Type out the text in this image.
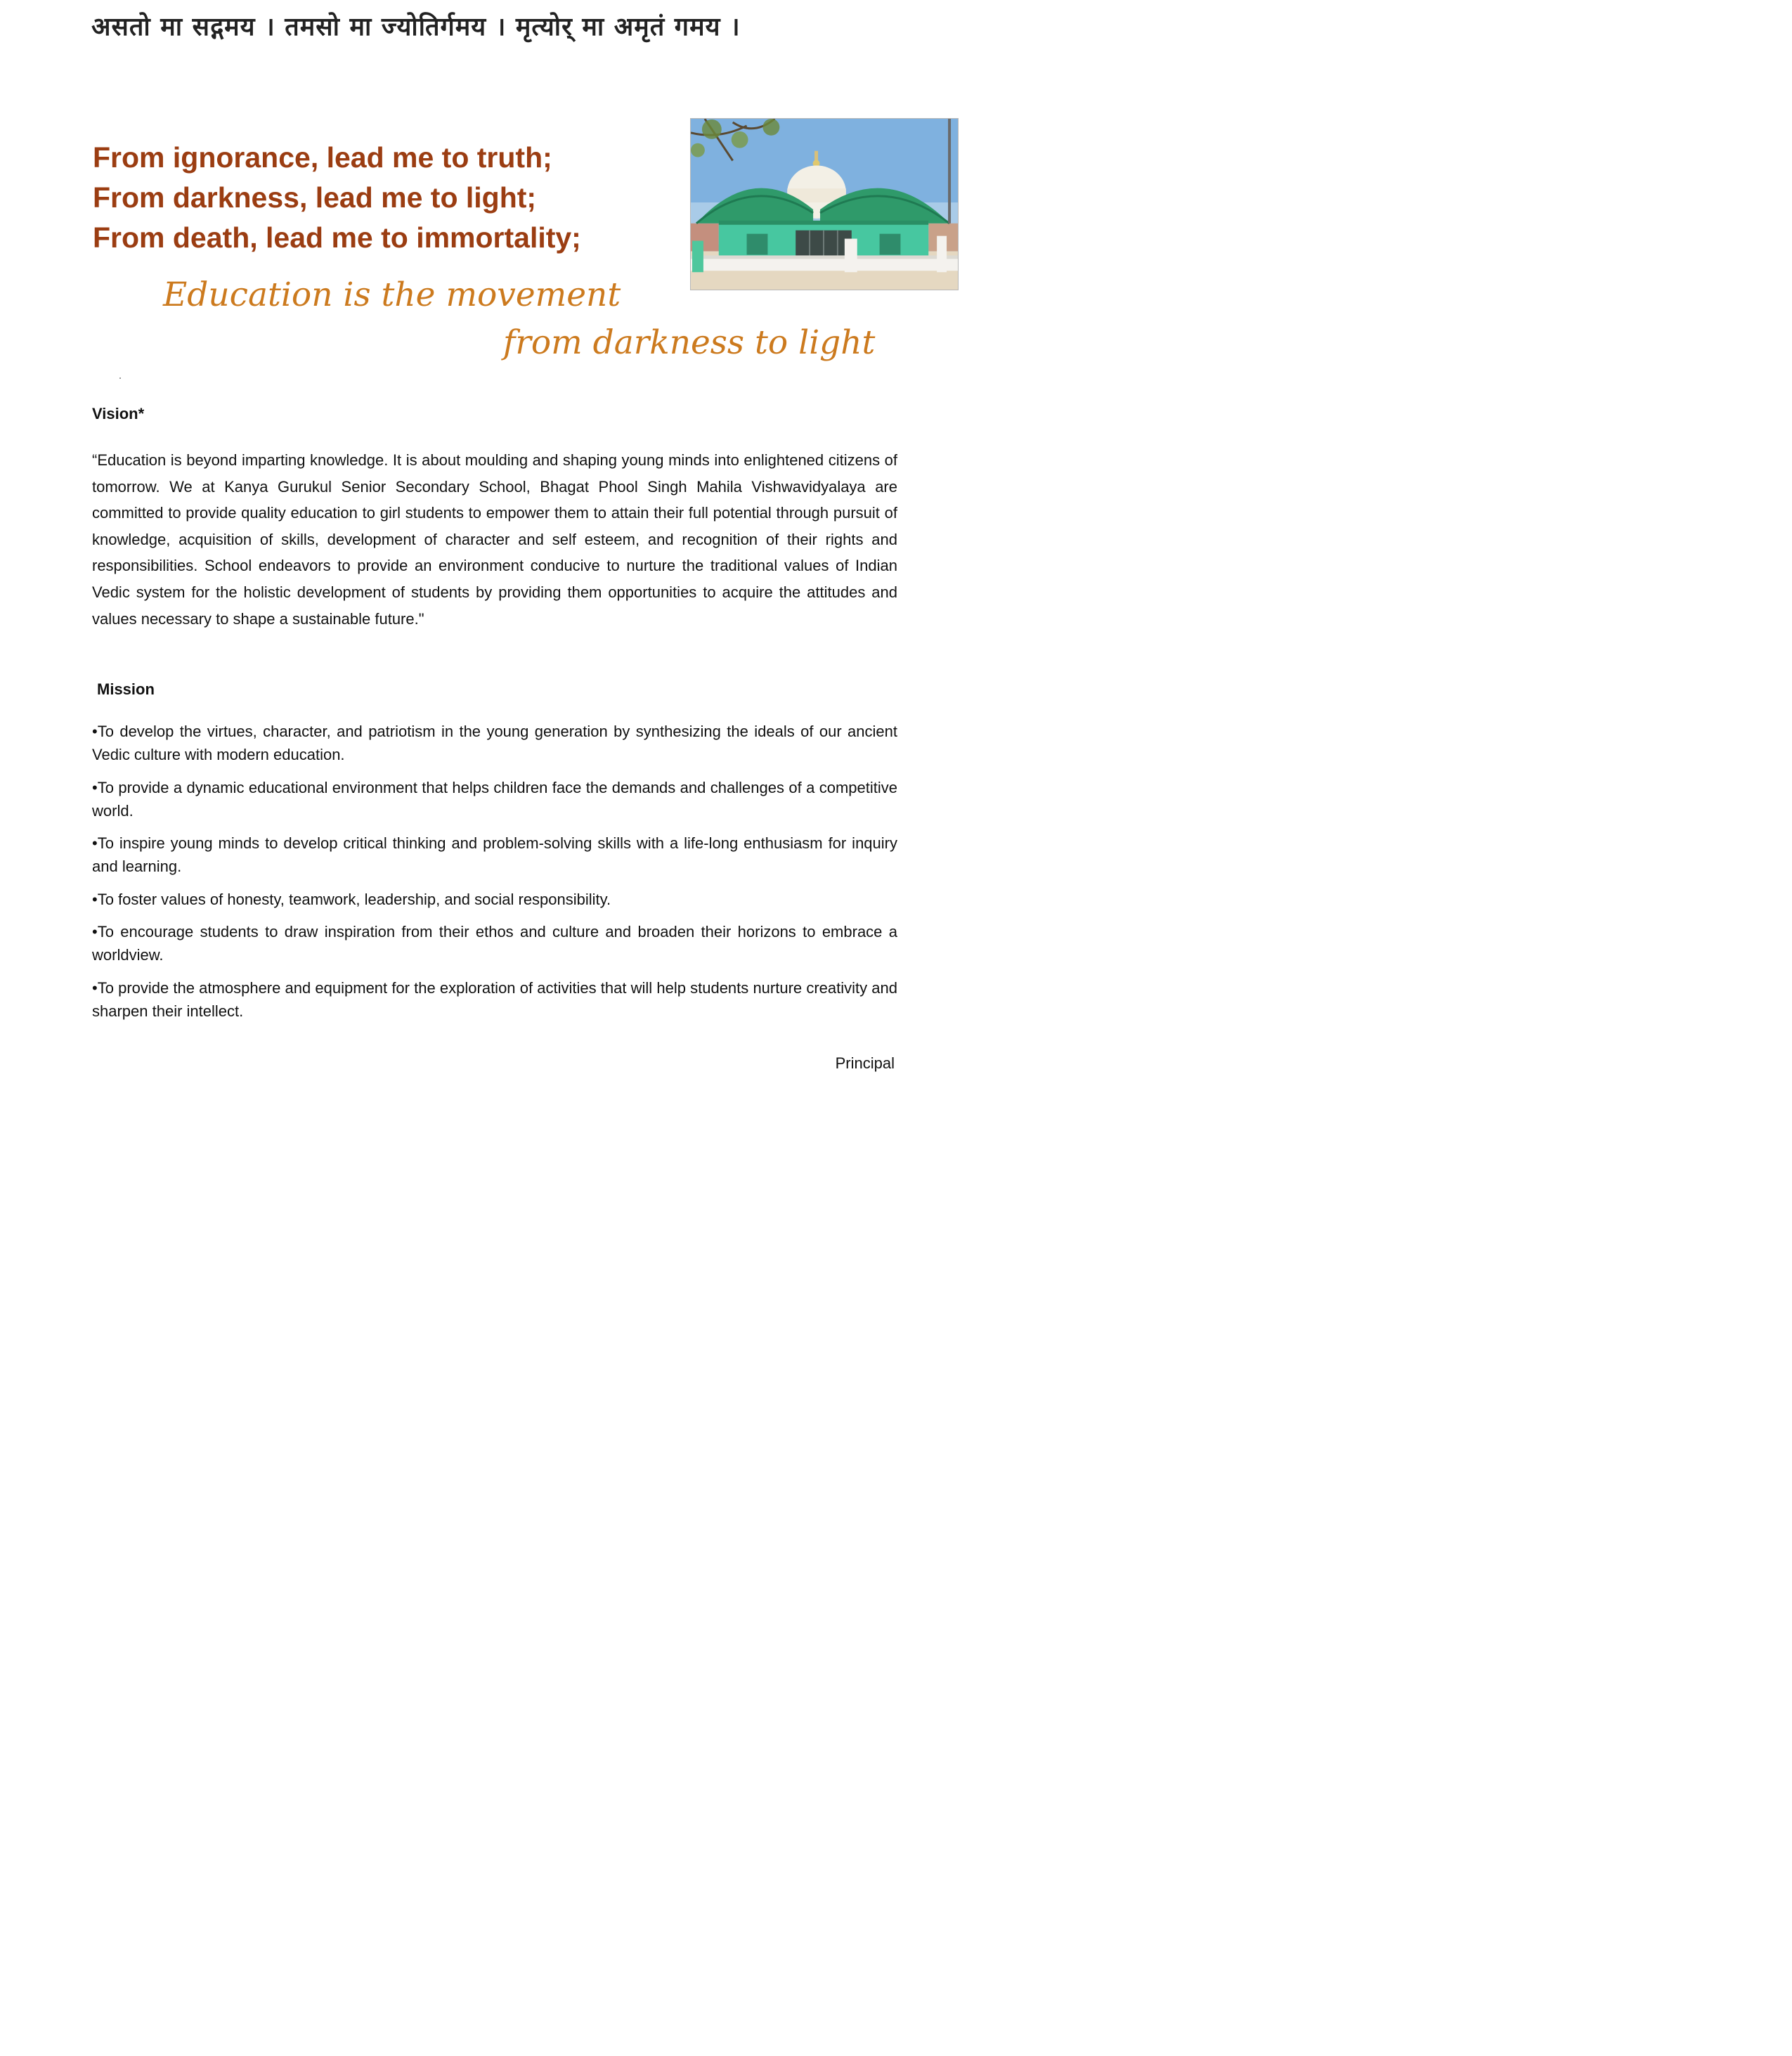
असतो मा सद्गमय । तमसो मा ज्योतिर्गमय । मृत्योर् मा अमृतं गमय ।
From ignorance, lead me to truth;
From darkness, lead me to light;
From death, lead me to immortality;
Education is the movement
from darkness to light
Vision*
“Education is beyond imparting knowledge. It is about moulding and shaping young minds into enlightened citizens of tomorrow. We at Kanya Gurukul Senior Secondary School, Bhagat Phool Singh Mahila Vishwavidyalaya are committed to provide quality education to girl students to empower them to attain their full potential through pursuit of knowledge, acquisition of skills, development of character and self esteem, and recognition of their rights and responsibilities. School endeavors to provide an environment conducive to nurture the traditional values of Indian Vedic system for the holistic development of students by providing them opportunities to acquire the attitudes and values necessary to shape a sustainable future."
Mission
•To develop the virtues, character, and patriotism in the young generation by synthesizing the ideals of our ancient Vedic culture with modern education.
•To provide a dynamic educational environment that helps children face the demands and challenges of a competitive world.
•To inspire young minds to develop critical thinking and problem-solving skills with a life-long enthusiasm for inquiry and learning.
•To foster values of honesty, teamwork, leadership, and social responsibility.
•To encourage students to draw inspiration from their ethos and culture and broaden their horizons to embrace a worldview.
•To provide the atmosphere and equipment for the exploration of activities that will help students nurture creativity and sharpen their intellect.
Principal
